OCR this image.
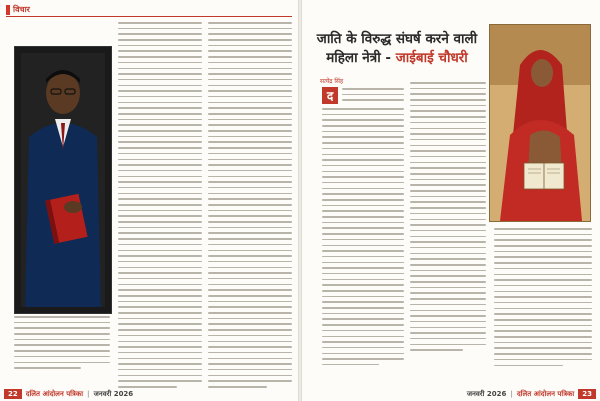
विचार
22	दलित आंदोलन पत्रिका | जनवरी 2026
जाति के विरुद्ध संघर्ष करने वाली
महिला नेत्री - जाईबाई चौधरी
सत्येंद्र सिंह
द
जनवरी 2026 | दलित आंदोलन पत्रिका	23
